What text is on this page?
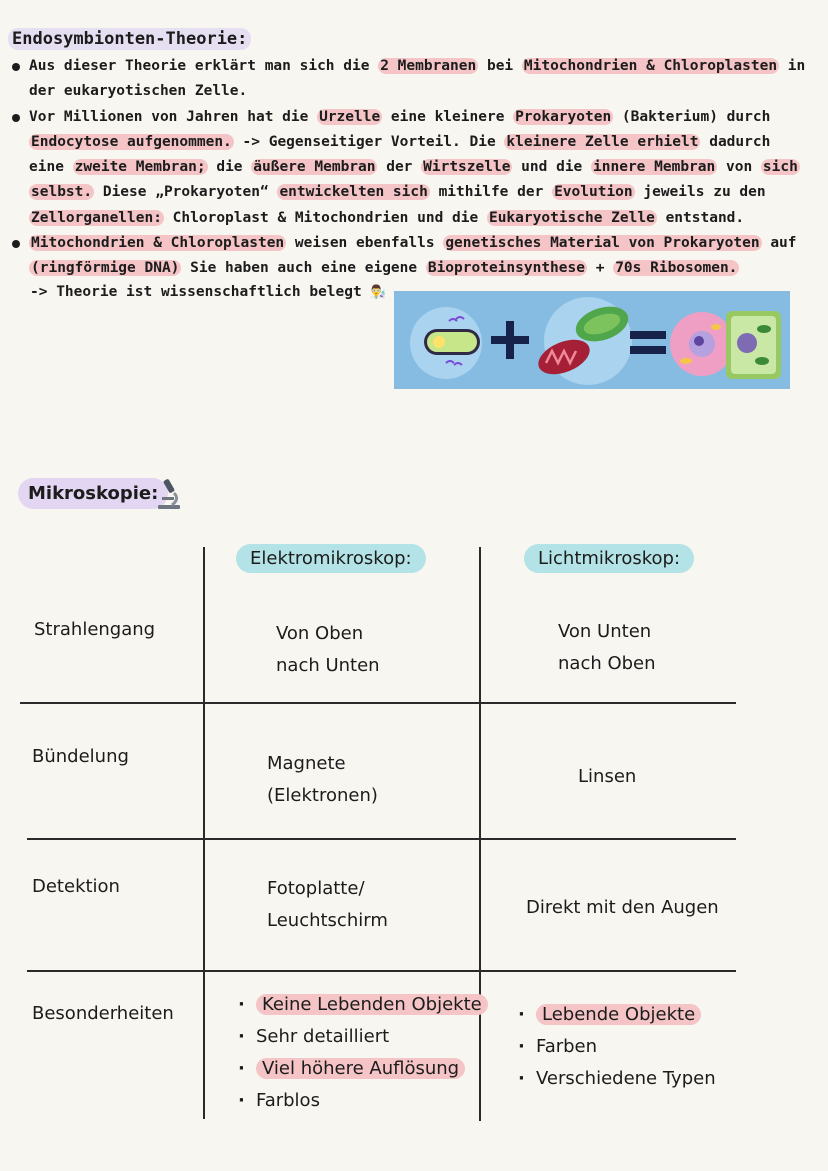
Endosymbionten-Theorie:
Aus dieser Theorie erklärt man sich die 2 Membranen bei Mitochondrien & Chloroplasten in der eukaryotischen Zelle.
Vor Millionen von Jahren hat die Urzelle eine kleinere Prokaryoten (Bakterium) durch Endocytose aufgenommen. -> Gegenseitiger Vorteil. Die kleinere Zelle erhielt dadurch eine zweite Membran; die äußere Membran der Wirtszelle und die innere Membran von sich selbst. Diese „Prokaryoten“ entwickelten sich mithilfe der Evolution jeweils zu den Zellorganellen: Chloroplast & Mitochondrien und die Eukaryotische Zelle entstand.
Mitochondrien & Chloroplasten weisen ebenfalls genetisches Material von Prokaryoten auf (ringförmige DNA) Sie haben auch eine eigene Bioproteinsynthese + 70s Ribosomen.
-> Theorie ist wissenschaftlich belegt 👨‍🔬
Mikroskopie:
Elektromikroskop:	Lichtmikroskop:
Strahlengang	Von Oben
nach Unten
Von Unten
nach Oben
Bündelung	Magnete
(Elektronen)
Linsen
Detektion	Fotoplatte/
Leuchtschirm
Direkt mit den Augen
Besonderheiten
·	Keine Lebenden Objekte
· Sehr detailliert
· Viel höhere Auflösung
· Farblos
· Lebende Objekte
· Farben
· Verschiedene Typen
